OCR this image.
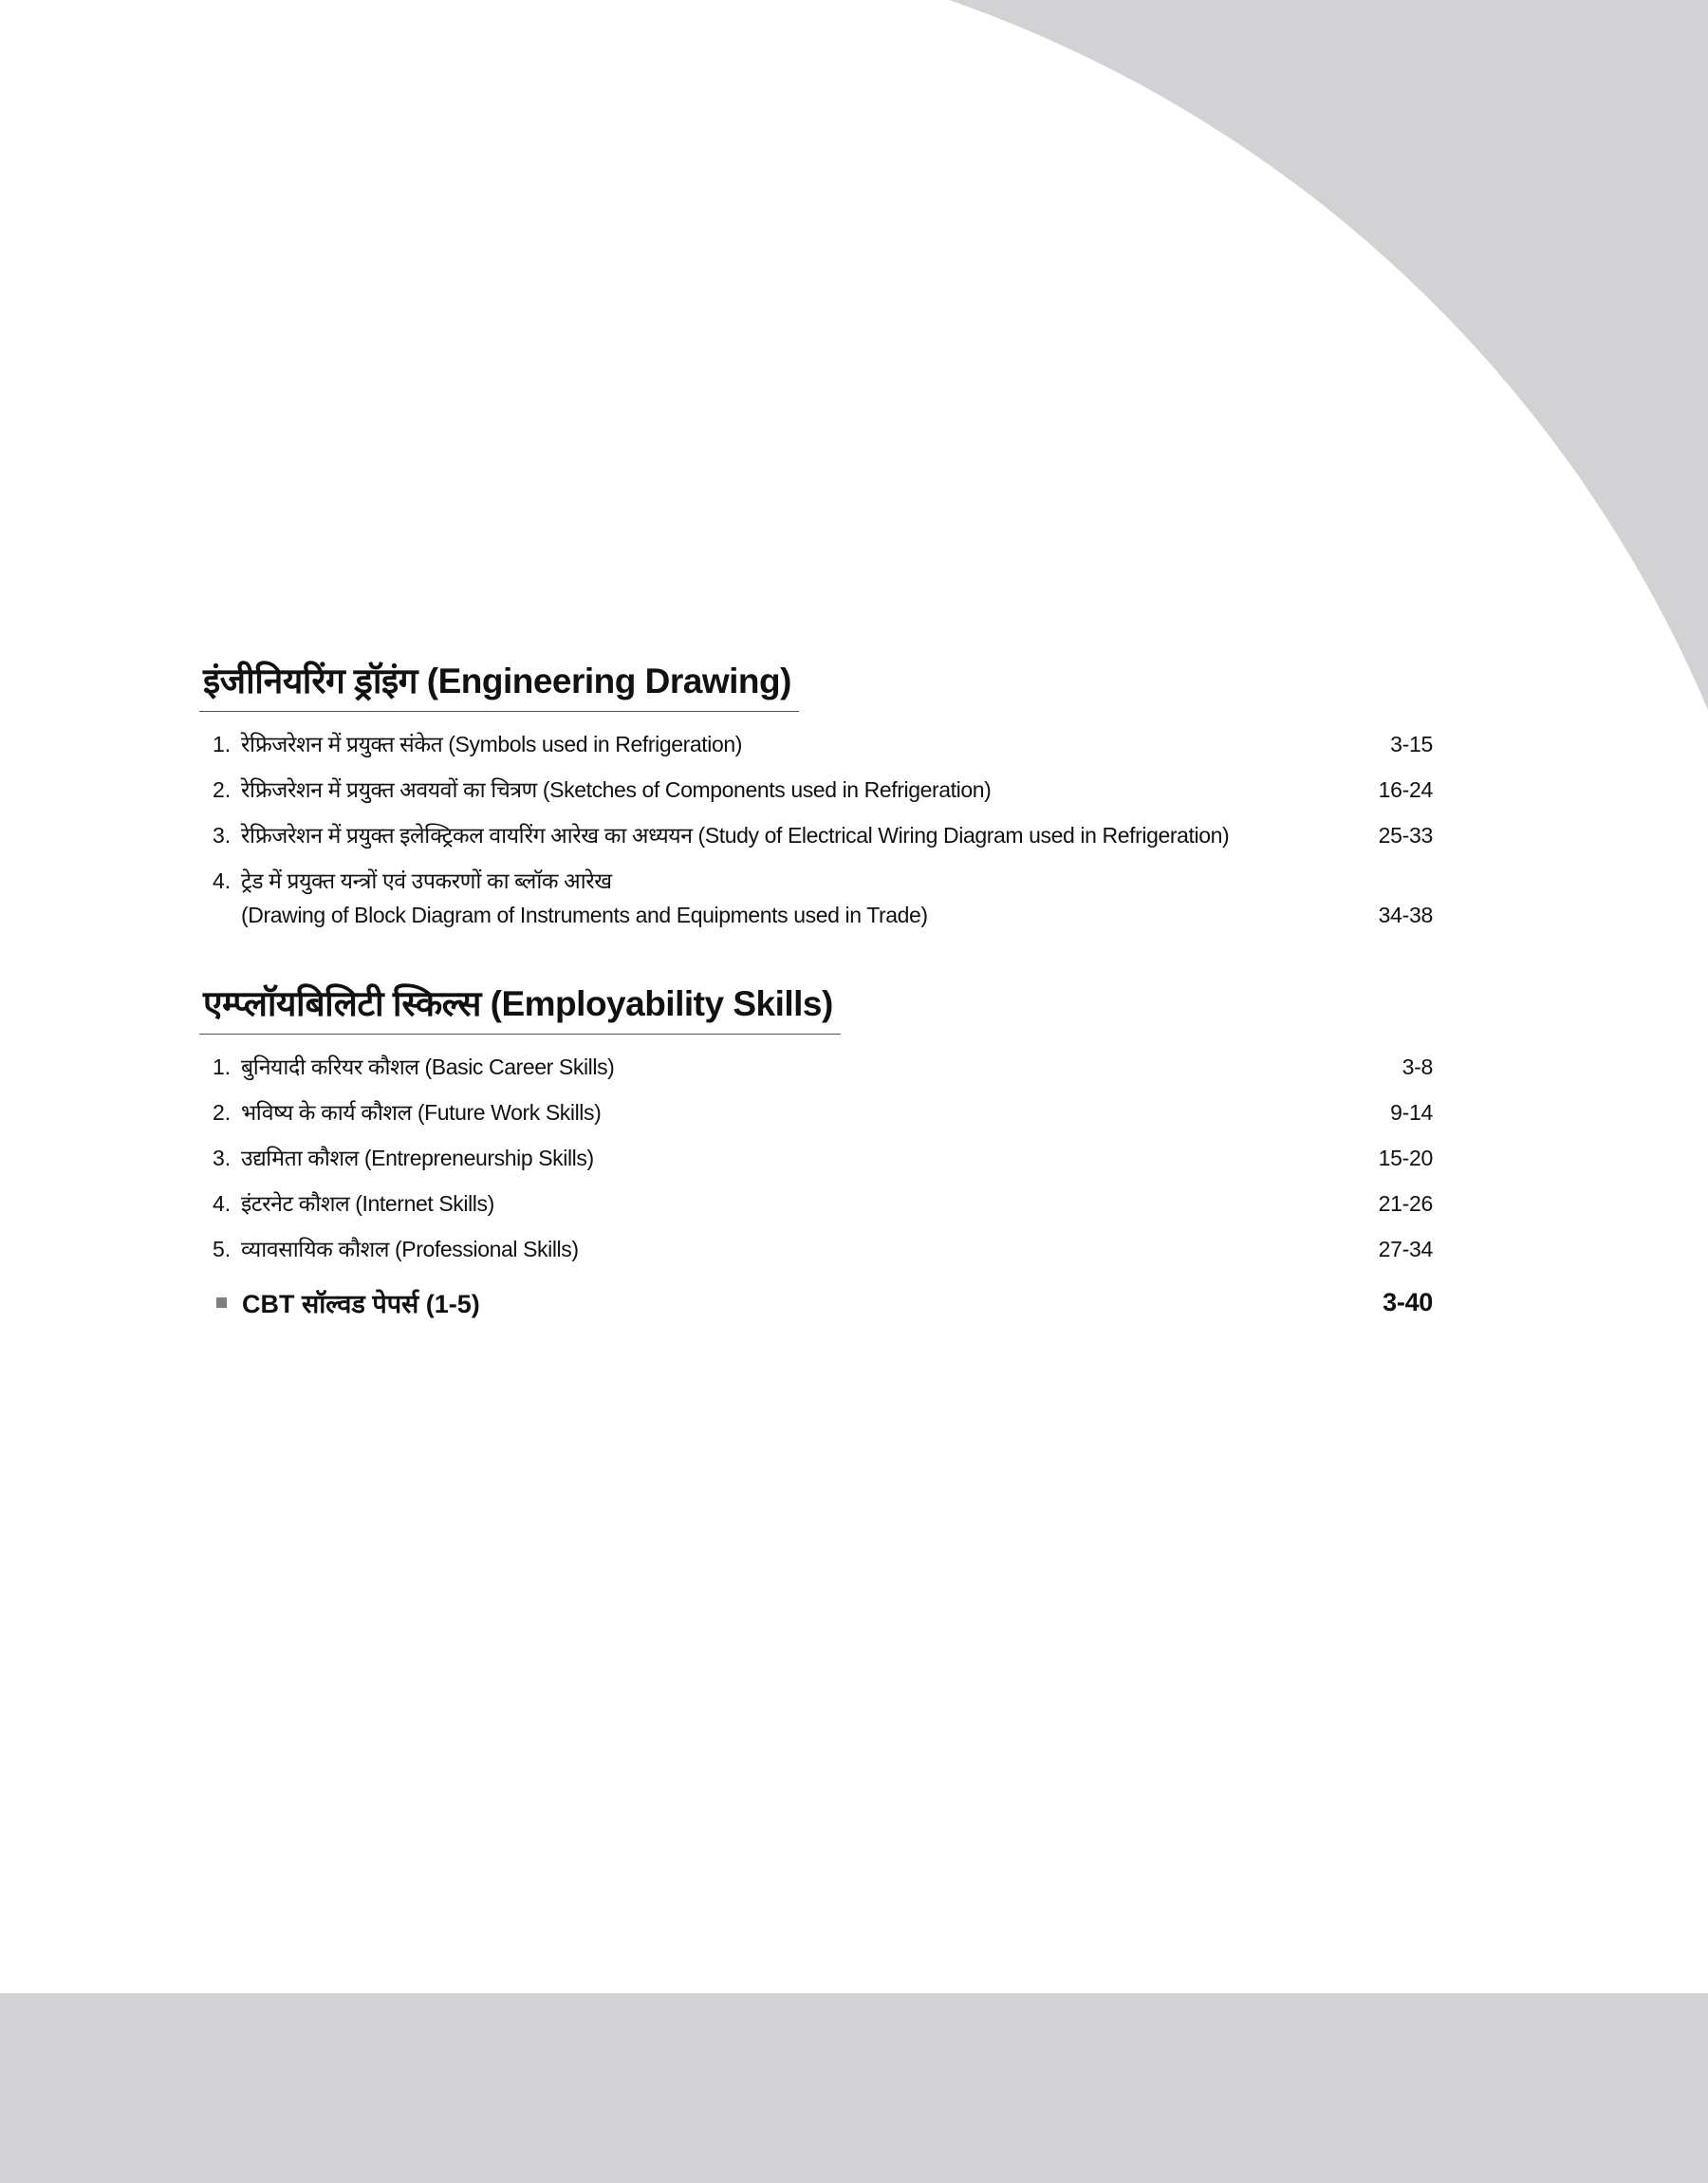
इंजीनियरिंग ड्रॉइंग (Engineering Drawing)
1. रेफ्रिजरेशन में प्रयुक्त संकेत (Symbols used in Refrigeration)	3-15
2. रेफ्रिजरेशन में प्रयुक्त अवयवों का चित्रण (Sketches of Components used in Refrigeration)	16-24
3. रेफ्रिजरेशन में प्रयुक्त इलेक्ट्रिकल वायरिंग आरेख का अध्ययन (Study of Electrical Wiring Diagram used in Refrigeration)	25-33
4. ट्रेड में प्रयुक्त यन्त्रों एवं उपकरणों का ब्लॉक आरेख
(Drawing of Block Diagram of Instruments and Equipments used in Trade)	34-38
एम्प्लॉयबिलिटी स्किल्स (Employability Skills)
1. बुनियादी करियर कौशल (Basic Career Skills)	3-8
2. भविष्य के कार्य कौशल (Future Work Skills)	9-14
3. उद्यमिता कौशल (Entrepreneurship Skills)	15-20
4. इंटरनेट कौशल (Internet Skills)	21-26
5. व्यावसायिक कौशल (Professional Skills)	27-34
CBT सॉल्वड पेपर्स (1-5)	3-40
